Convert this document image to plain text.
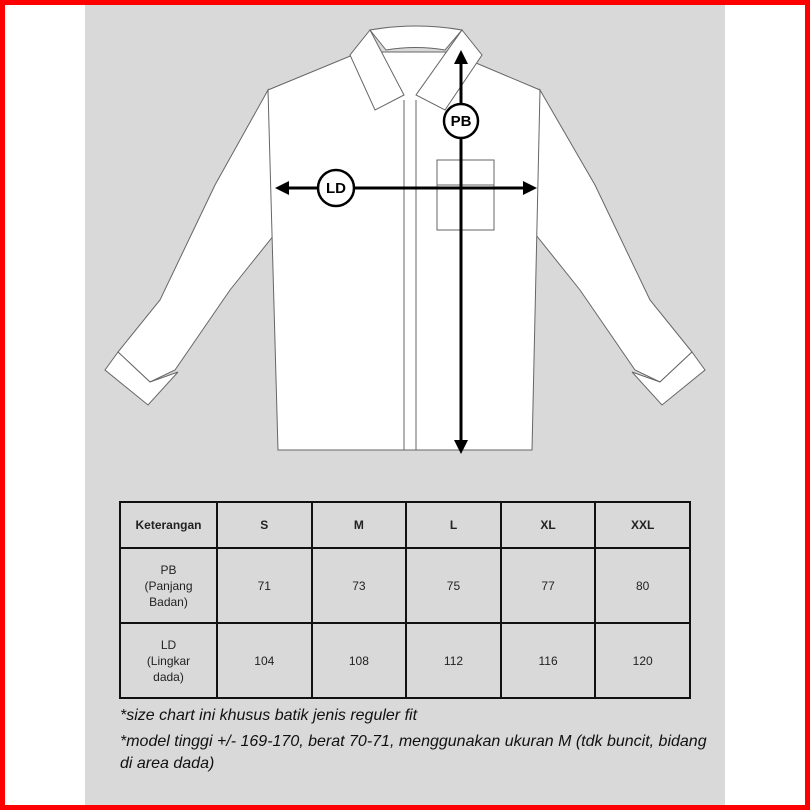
PB
LD
Keterangan	S	M	L	XL	XXL

PB
(Panjang
Badan)	71	73	75	77	80

LD
(Lingkar
dada)	104	108	112	116	120

*size chart ini khusus batik jenis reguler fit

*model tinggi +/- 169-170, berat 70-71, menggunakan ukuran M (tdk buncit, bidang di area dada)
